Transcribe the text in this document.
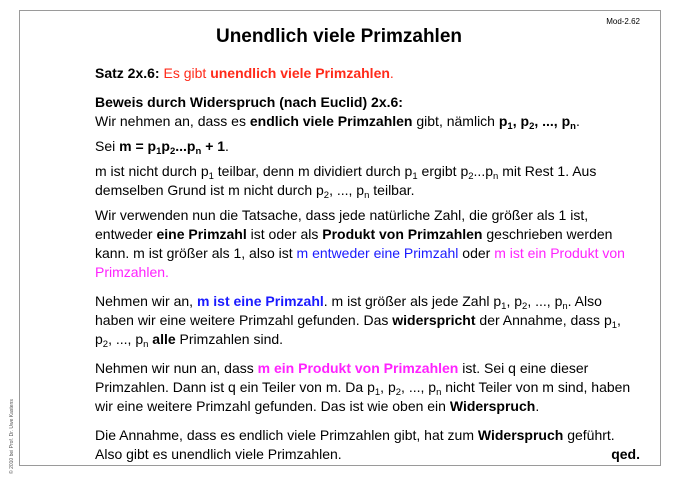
Mod-2.62
© 2010 bei Prof. Dr. Uwe Kastens
Unendlich viele Primzahlen

Satz 2x.6: Es gibt unendlich viele Primzahlen.

Beweis durch Widerspruch (nach Euclid) 2x.6:

Wir nehmen an, dass es endlich viele Primzahlen gibt, nämlich $p_1$, $p_2$, ..., $p_n$.

Sei $m = p_1p_2...p_n + 1$.

m ist nicht durch $p_1$ teilbar, denn m dividiert durch $p_1$ ergibt $p_2...p_n$ mit Rest 1. Aus demselben Grund ist m nicht durch $p_2$, ..., $p_n$ teilbar.

Wir verwenden nun die Tatsache, dass jede natürliche Zahl, die größer als 1 ist, entweder eine Primzahl ist oder als Produkt von Primzahlen geschrieben werden kann. m ist größer als 1, also ist m entweder eine Primzahl oder m ist ein Produkt von Primzahlen.

Nehmen wir an, m ist eine Primzahl. m ist größer als jede Zahl $p_1$, $p_2$, ..., $p_n$. Also haben wir eine weitere Primzahl gefunden. Das widerspricht der Annahme, dass $p_1$, $p_2$, ..., $p_n$ alle Primzahlen sind.

Nehmen wir nun an, dass m ein Produkt von Primzahlen ist. Sei q eine dieser Primzahlen. Dann ist q ein Teiler von m. Da $p_1$, $p_2$, ..., $p_n$ nicht Teiler von m sind, haben wir eine weitere Primzahl gefunden. Das ist wie oben ein Widerspruch.

Die Annahme, dass es endlich viele Primzahlen gibt, hat zum Widerspruch geführt. Also gibt es unendlich viele Primzahlen.	qed.
